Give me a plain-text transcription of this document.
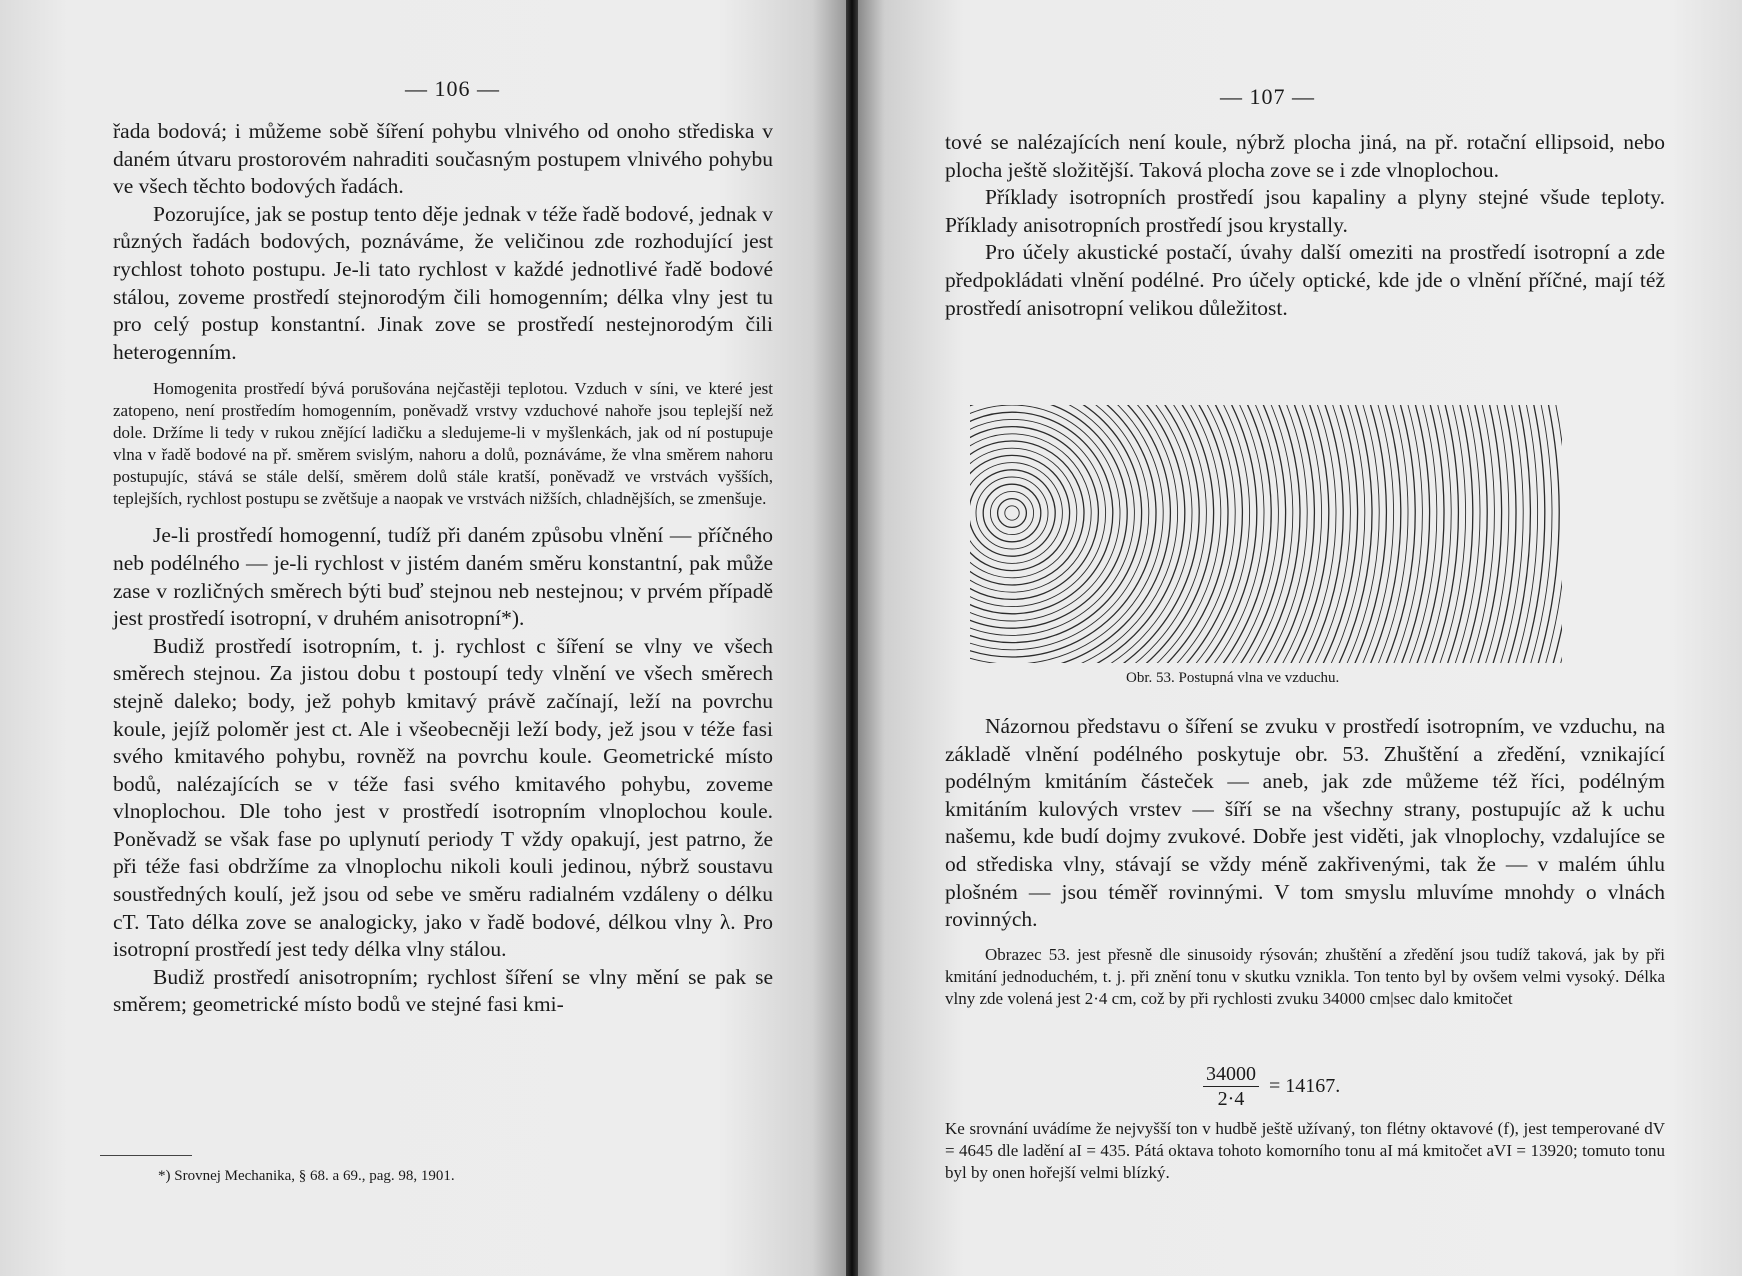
— 106 —

řada bodová; i můžeme sobě šíření pohybu vlnivého od onoho střediska v daném útvaru prostorovém nahraditi současným postupem vlnivého pohybu ve všech těchto bodových řadách.

Pozorujíce, jak se postup tento děje jednak v téže řadě bodové, jednak v různých řadách bodových, poznáváme, že veličinou zde rozhodující jest rychlost tohoto postupu. Je-li tato rychlost v každé jednotlivé řadě bodové stálou, zoveme prostředí stejnorodým čili homogenním; délka vlny jest tu pro celý postup konstantní. Jinak zove se prostředí nestejnorodým čili heterogenním.

Homogenita prostředí bývá porušována nejčastěji teplotou. Vzduch v síni, ve které jest zatopeno, není prostředím homogenním, poněvadž vrstvy vzduchové nahoře jsou teplejší než dole. Držíme li tedy v rukou znějící ladičku a sledujeme-li v myšlenkách, jak od ní postupuje vlna v řadě bodové na př. směrem svislým, nahoru a dolů, poznáváme, že vlna směrem nahoru postupujíc, stává se stále delší, směrem dolů stále kratší, poněvadž ve vrstvách vyšších, teplejších, rychlost postupu se zvětšuje a naopak ve vrstvách nižších, chladnějších, se zmenšuje.

Je-li prostředí homogenní, tudíž při daném způsobu vlnění — příčného neb podélného — je-li rychlost v jistém daném směru konstantní, pak může zase v rozličných směrech býti buď stejnou neb nestejnou; v prvém případě jest prostředí isotropní, v druhém anisotropní*).

Budiž prostředí isotropním, t. j. rychlost c šíření se vlny ve všech směrech stejnou. Za jistou dobu t postoupí tedy vlnění ve všech směrech stejně daleko; body, jež pohyb kmitavý právě začínají, leží na povrchu koule, jejíž poloměr jest ct. Ale i všeobecněji leží body, jež jsou v téže fasi svého kmitavého pohybu, rovněž na povrchu koule. Geometrické místo bodů, nalézajících se v téže fasi svého kmitavého pohybu, zoveme vlnoplochou. Dle toho jest v prostředí isotropním vlnoplochou koule. Poněvadž se však fase po uplynutí periody T vždy opakují, jest patrno, že při téže fasi obdržíme za vlnoplochu nikoli kouli jedinou, nýbrž soustavu soustředných koulí, jež jsou od sebe ve směru radialném vzdáleny o délku cT. Tato délka zove se analogicky, jako v řadě bodové, délkou vlny λ. Pro isotropní prostředí jest tedy délka vlny stálou.

Budiž prostředí anisotropním; rychlost šíření se vlny mění se pak se směrem; geometrické místo bodů ve stejné fasi kmi-

*) Srovnej Mechanika, § 68. a 69., pag. 98, 1901.
— 107 —

tové se nalézajících není koule, nýbrž plocha jiná, na př. rotační ellipsoid, nebo plocha ještě složitější. Taková plocha zove se i zde vlnoplochou.

Příklady isotropních prostředí jsou kapaliny a plyny stejné všude teploty. Příklady anisotropních prostředí jsou krystally.

Pro účely akustické postačí, úvahy další omeziti na prostředí isotropní a zde předpokládati vlnění podélné. Pro účely optické, kde jde o vlnění příčné, mají též prostředí anisotropní velikou důležitost.

Obr. 53. Postupná vlna ve vzduchu.

Názornou představu o šíření se zvuku v prostředí isotropním, ve vzduchu, na základě vlnění podélného poskytuje obr. 53. Zhuštění a zředění, vznikající podélným kmitáním částeček — aneb, jak zde můžeme též říci, podélným kmitáním kulových vrstev — šíří se na všechny strany, postupujíc až k uchu našemu, kde budí dojmy zvukové. Dobře jest viděti, jak vlnoplochy, vzdalujíce se od střediska vlny, stávají se vždy méně zakřivenými, tak že — v malém úhlu plošném — jsou téměř rovinnými. V tom smyslu mluvíme mnohdy o vlnách rovinných.

Obrazec 53. jest přesně dle sinusoidy rýsován; zhuštění a zředění jsou tudíž taková, jak by při kmitání jednoduchém, t. j. při znění tonu v skutku vznikla. Ton tento byl by ovšem velmi vysoký. Délka vlny zde volená jest 2·4 cm, což by při rychlosti zvuku 34000 cm|sec dalo kmitočet

$\frac{34000}{2\cdot 4} = 14167$.

Ke srovnání uvádíme že nejvyšší ton v hudbě ještě užívaný, ton flétny oktavové (f), jest temperované dV = 4645 dle ladění aI = 435. Pátá oktava tohoto komorního tonu aI má kmitočet aVI = 13920; tomuto tonu byl by onen hořejší velmi blízký.
